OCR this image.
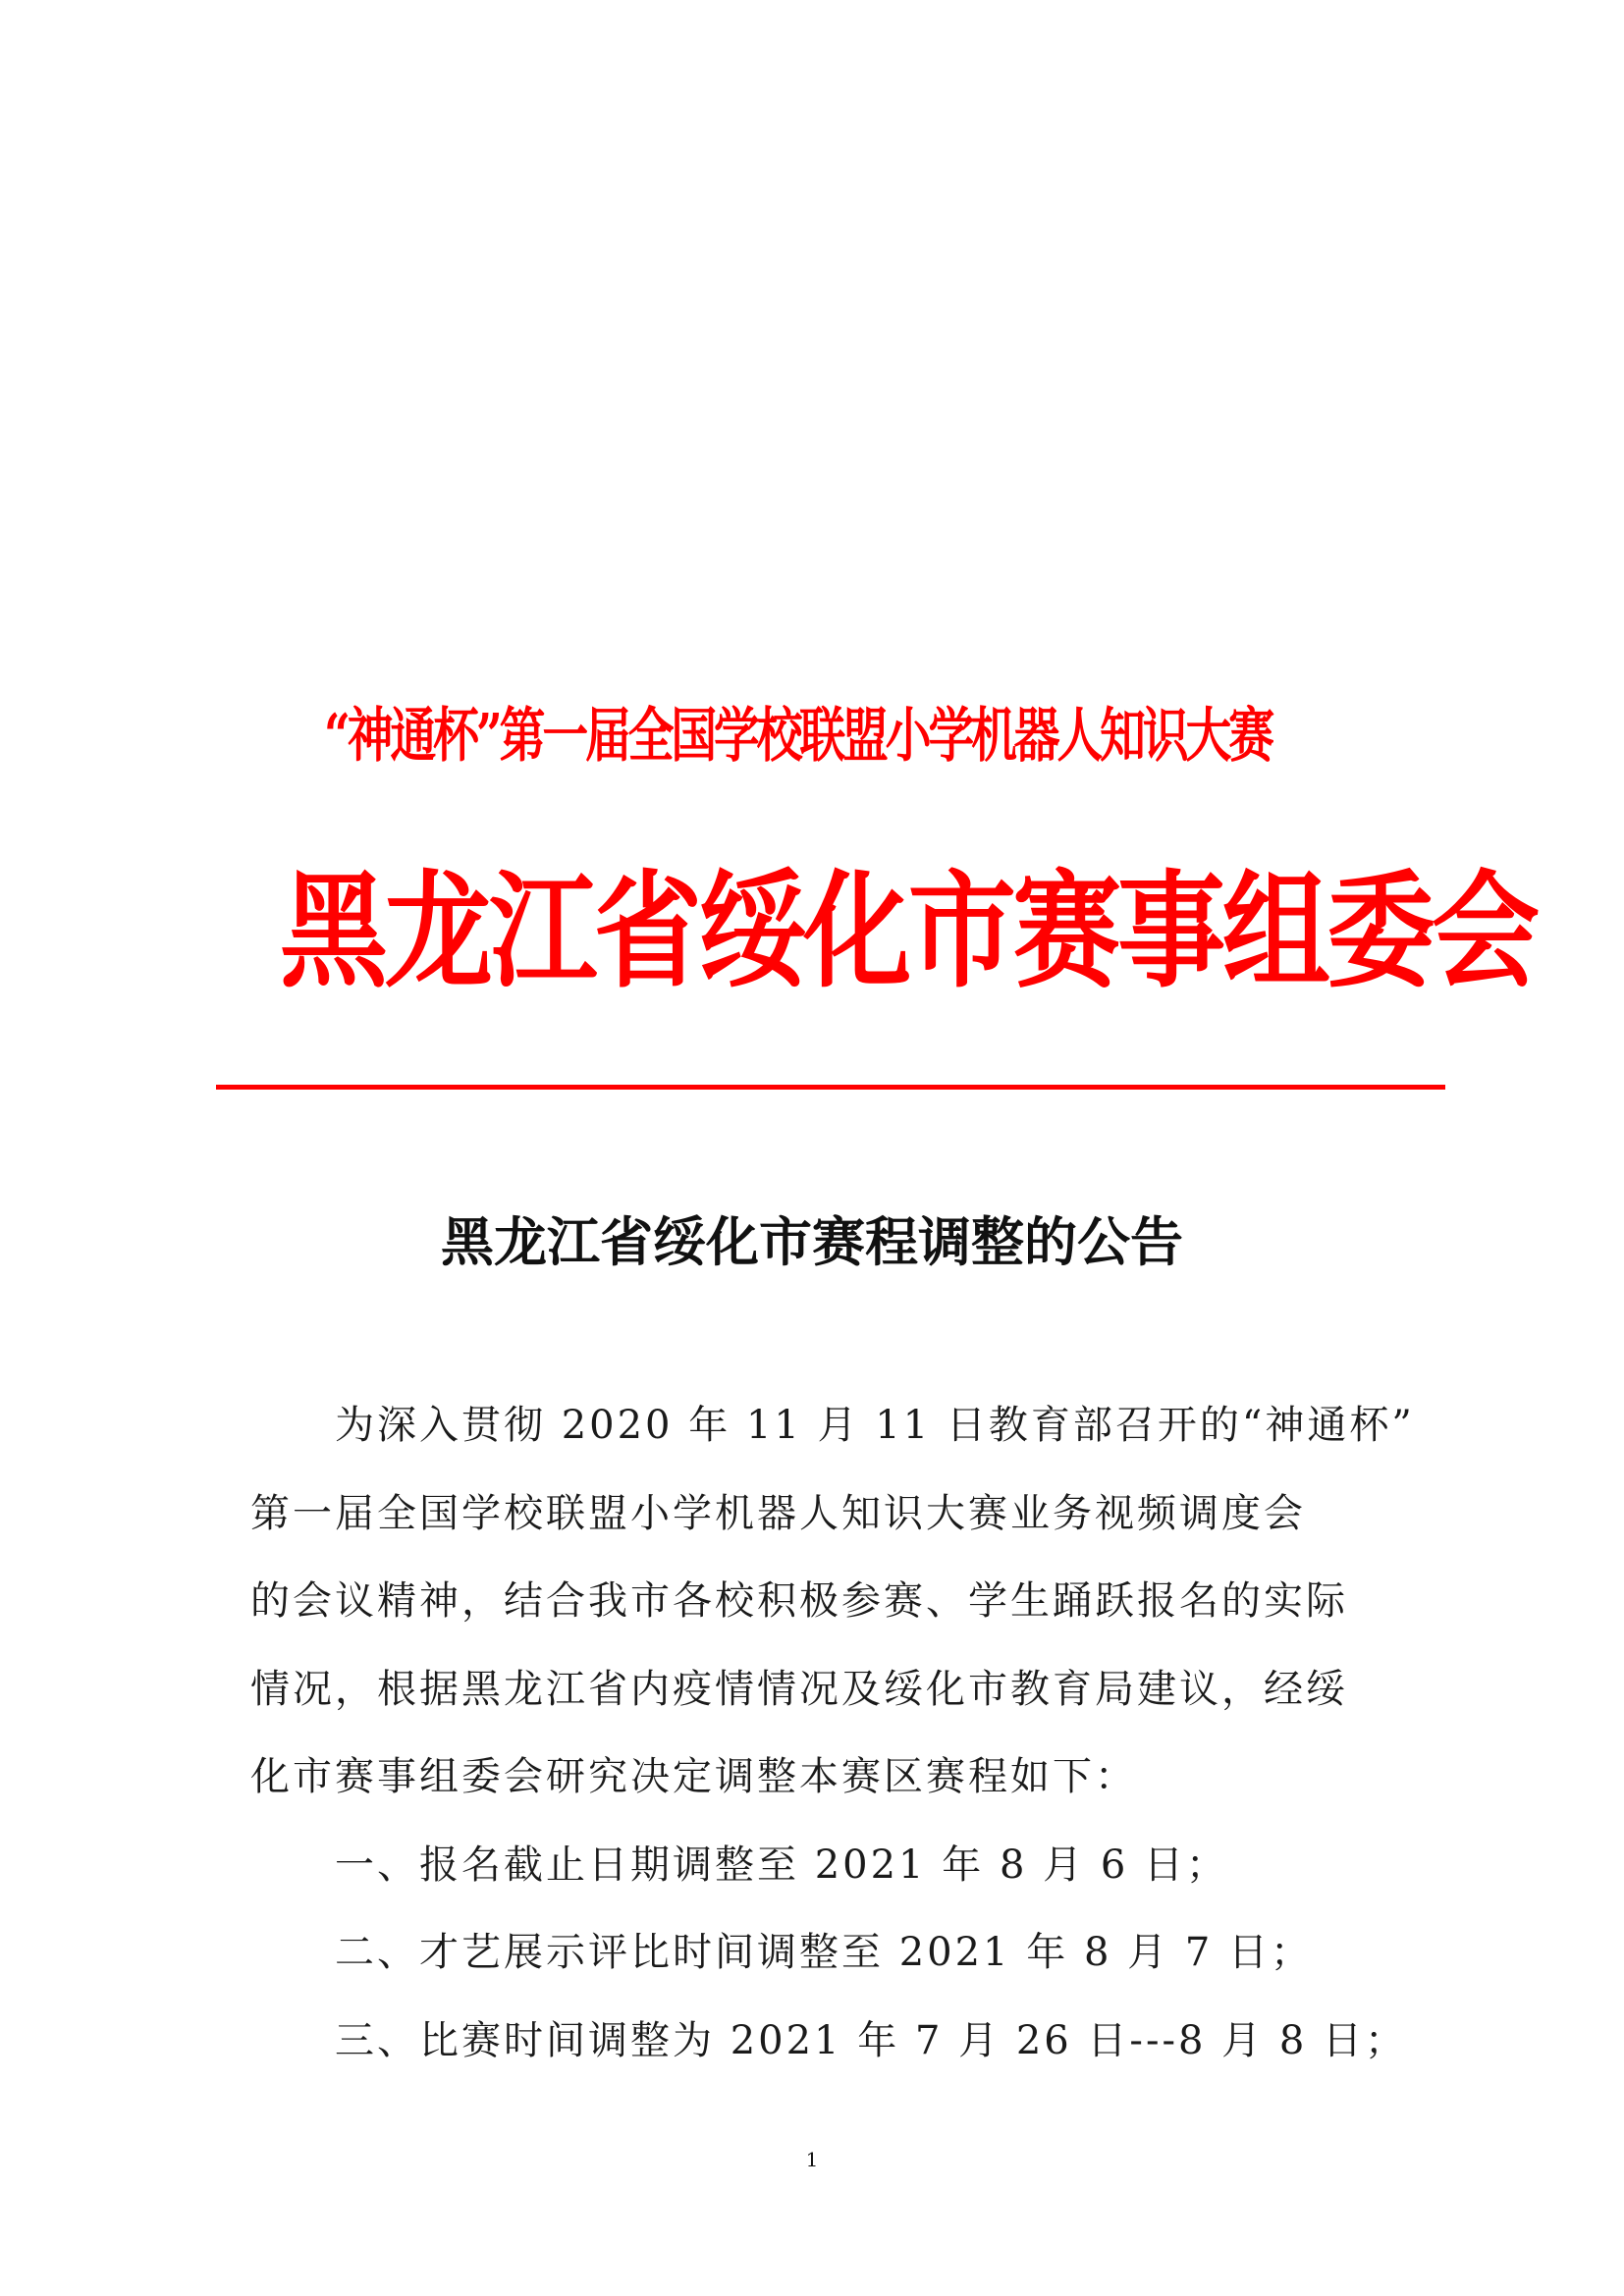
“神通杯”第一届全国学校联盟小学机器人知识大赛
黑龙江省绥化市赛事组委会
黑龙江省绥化市赛程调整的公告

为深入贯彻 2020 年 11 月 11 日教育部召开的“神通杯”

第一届全国学校联盟小学机器人知识大赛业务视频调度会

的会议精神，结合我市各校积极参赛、学生踊跃报名的实际

情况，根据黑龙江省内疫情情况及绥化市教育局建议，经绥

化市赛事组委会研究决定调整本赛区赛程如下：

一、报名截止日期调整至 2021 年 8 月 6 日；

二、才艺展示评比时间调整至 2021 年 8 月 7 日；

三、比赛时间调整为 2021 年 7 月 26 日---8 月 8 日；

1
